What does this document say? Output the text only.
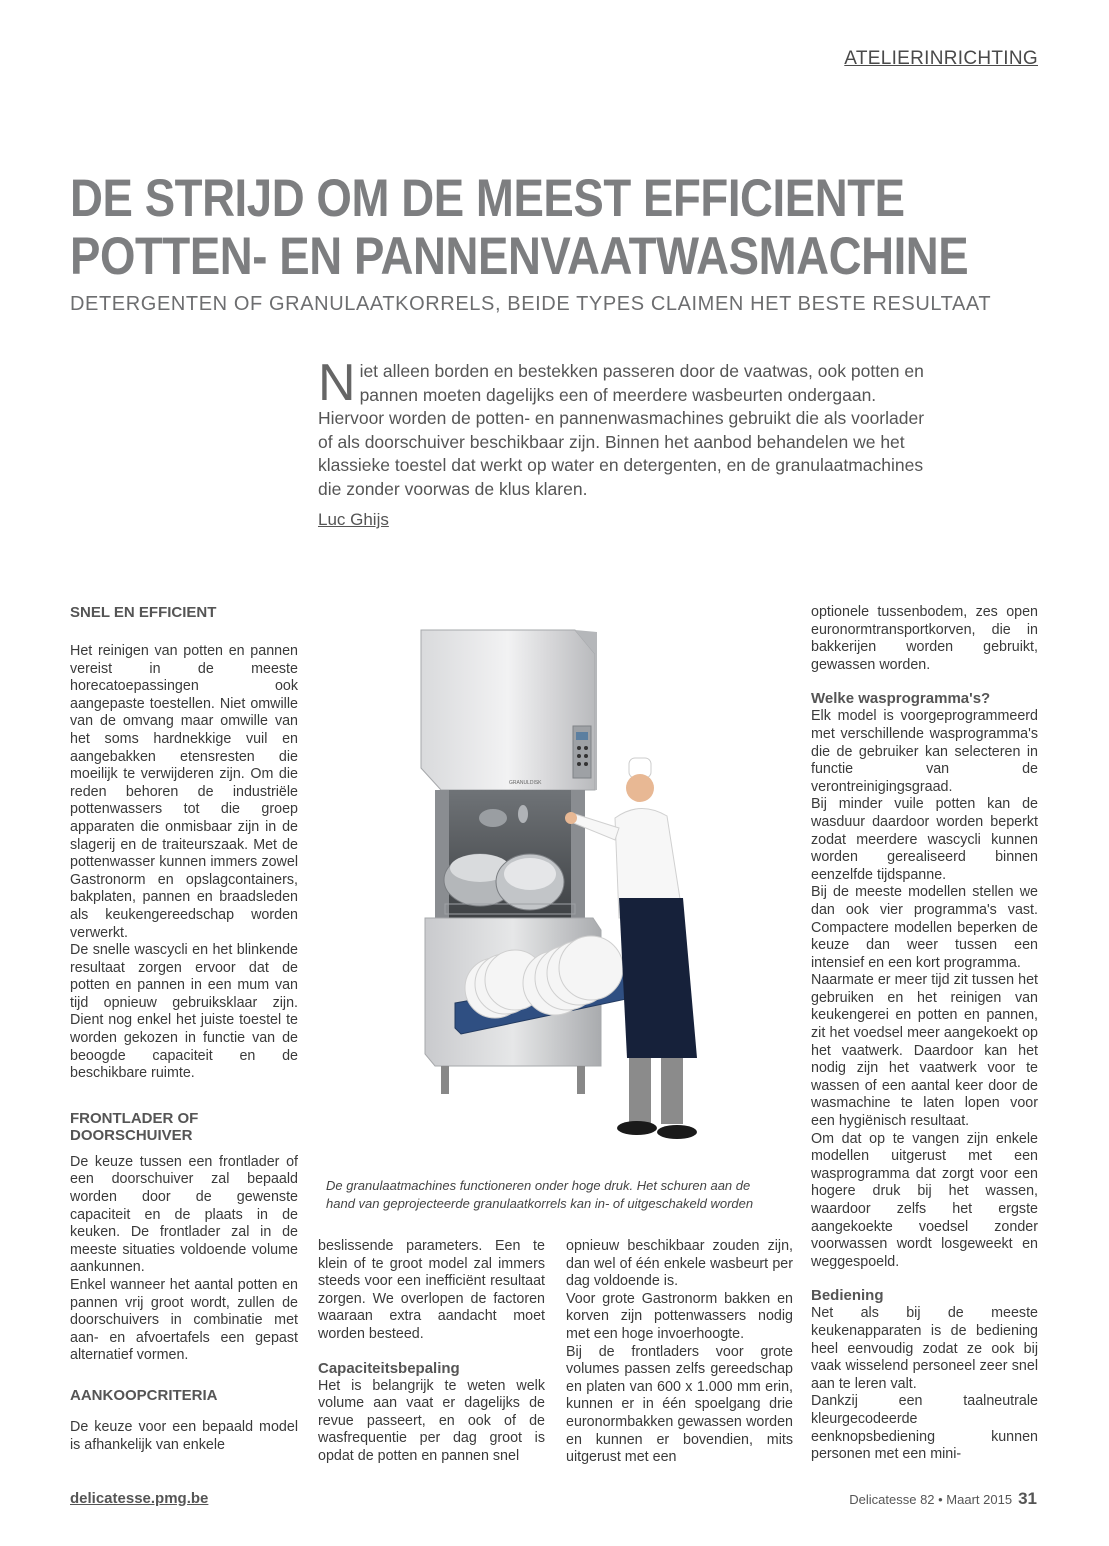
ATELIERINRICHTING
DE STRIJD OM DE MEEST EFFICIENTE
POTTEN- EN PANNENVAATWASMACHINE
DETERGENTEN OF GRANULAATKORRELS, BEIDE TYPES CLAIMEN HET BESTE RESULTAAT
Niet alleen borden en bestekken passeren door de vaatwas, ook potten en pannen moeten dagelijks een of meerdere wasbeurten ondergaan. Hiervoor worden de potten- en pannenwasmachines gebruikt die als voorlader of als doorschuiver beschikbaar zijn. Binnen het aanbod behandelen we het klassieke toestel dat werkt op water en detergenten, en de granulaatmachines die zonder voorwas de klus klaren.
Luc Ghijs
SNEL EN EFFICIENT

Het reinigen van potten en pannen vereist in de meeste horecatoepassingen ook aangepaste toestellen. Niet omwille van de omvang maar omwille van het soms hardnekkige vuil en aangebakken etensresten die moeilijk te verwijderen zijn. Om die reden behoren de industriële pottenwassers tot die groep apparaten die onmisbaar zijn in de slagerij en de traiteurszaak. Met de pottenwasser kunnen immers zowel Gastronorm en opslagcontainers, bakplaten, pannen en braadsleden als keukengereedschap worden verwerkt.

De snelle wascycli en het blinkende resultaat zorgen ervoor dat de potten en pannen in een mum van tijd opnieuw gebruiksklaar zijn. Dient nog enkel het juiste toestel te worden gekozen in functie van de beoogde capaciteit en de beschikbare ruimte.

FRONTLADER OF
DOORSCHUIVER

De keuze tussen een frontlader of een doorschuiver zal bepaald worden door de gewenste capaciteit en de plaats in de keuken. De frontlader zal in de meeste situaties voldoende volume aankunnen.

Enkel wanneer het aantal potten en pannen vrij groot wordt, zullen de doorschuivers in combinatie met aan- en afvoertafels een gepast alternatief vormen.

AANKOOPCRITERIA

De keuze voor een bepaald model is afhankelijk van enkele

GRANULDISK
De granulaatmachines functioneren onder hoge druk. Het schuren aan de hand van geprojecteerde granulaatkorrels kan in- of uitgeschakeld worden

beslissende parameters. Een te klein of te groot model zal immers steeds voor een inefficiënt resultaat zorgen. We overlopen de factoren waaraan extra aandacht moet worden besteed.

Capaciteitsbepaling

Het is belangrijk te weten welk volume aan vaat er dagelijks de revue passeert, en ook of de wasfrequentie per dag groot is opdat de potten en pannen snel

opnieuw beschikbaar zouden zijn, dan wel of één enkele wasbeurt per dag voldoende is.

Voor grote Gastronorm bakken en korven zijn pottenwassers nodig met een hoge invoerhoogte.

Bij de frontladers voor grote volumes passen zelfs gereedschap en platen van 600 x 1.000 mm erin, kunnen er in één spoelgang drie euronormbakken gewassen worden en kunnen er bovendien, mits uitgerust met een

optionele tussenbodem, zes open euronormtransportkorven, die in bakkerijen worden gebruikt, gewassen worden.

Welke wasprogramma's?

Elk model is voorgeprogrammeerd met verschillende wasprogramma's die de gebruiker kan selecteren in functie van de verontreinigingsgraad.

Bij minder vuile potten kan de wasduur daardoor worden beperkt zodat meerdere wascycli kunnen worden gerealiseerd binnen eenzelfde tijdspanne.

Bij de meeste modellen stellen we dan ook vier programma's vast. Compactere modellen beperken de keuze dan weer tussen een intensief en een kort programma.

Naarmate er meer tijd zit tussen het gebruiken en het reinigen van keukengerei en potten en pannen, zit het voedsel meer aangekoekt op het vaatwerk. Daardoor kan het nodig zijn het vaatwerk voor te wassen of een aantal keer door de wasmachine te laten lopen voor een hygiënisch resultaat.

Om dat op te vangen zijn enkele modellen uitgerust met een wasprogramma dat zorgt voor een hogere druk bij het wassen, waardoor zelfs het ergste aangekoekte voedsel zonder voorwassen wordt losgeweekt en weggespoeld.

Bediening

Net als bij de meeste keukenapparaten is de bediening heel eenvoudig zodat ze ook bij vaak wisselend personeel zeer snel aan te leren valt.

Dankzij een taalneutrale kleurgecodeerde eenknopsbediening kunnen personen met een mini-

delicatesse.pmg.be	Delicatesse 82 • Maart 2015 31
